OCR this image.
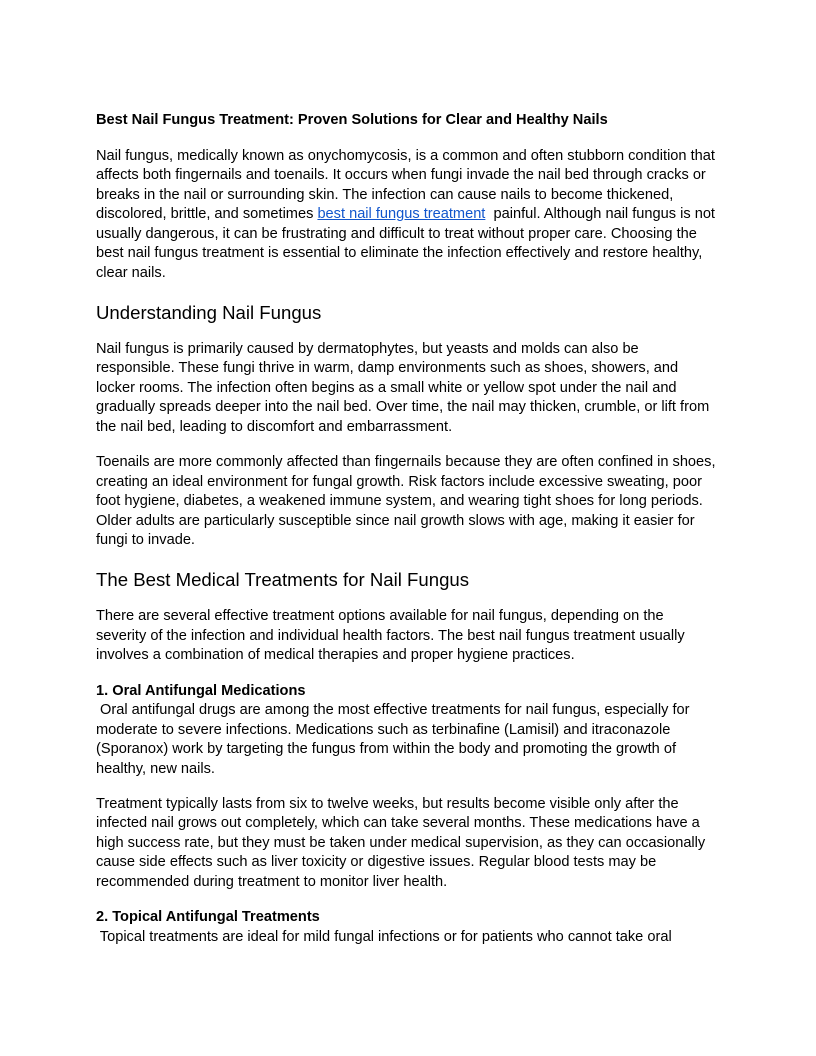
Best Nail Fungus Treatment: Proven Solutions for Clear and Healthy Nails
Nail fungus, medically known as onychomycosis, is a common and often stubborn condition that
affects both fingernails and toenails. It occurs when fungi invade the nail bed through cracks or
breaks in the nail or surrounding skin. The infection can cause nails to become thickened,
discolored, brittle, and sometimes best nail fungus treatment  painful. Although nail fungus is not
usually dangerous, it can be frustrating and difficult to treat without proper care. Choosing the
best nail fungus treatment is essential to eliminate the infection effectively and restore healthy,
clear nails.
Understanding Nail Fungus
Nail fungus is primarily caused by dermatophytes, but yeasts and molds can also be
responsible. These fungi thrive in warm, damp environments such as shoes, showers, and
locker rooms. The infection often begins as a small white or yellow spot under the nail and
gradually spreads deeper into the nail bed. Over time, the nail may thicken, crumble, or lift from
the nail bed, leading to discomfort and embarrassment.
Toenails are more commonly affected than fingernails because they are often confined in shoes,
creating an ideal environment for fungal growth. Risk factors include excessive sweating, poor
foot hygiene, diabetes, a weakened immune system, and wearing tight shoes for long periods.
Older adults are particularly susceptible since nail growth slows with age, making it easier for
fungi to invade.
The Best Medical Treatments for Nail Fungus
There are several effective treatment options available for nail fungus, depending on the
severity of the infection and individual health factors. The best nail fungus treatment usually
involves a combination of medical therapies and proper hygiene practices.
1. Oral Antifungal Medications
Oral antifungal drugs are among the most effective treatments for nail fungus, especially for
moderate to severe infections. Medications such as terbinafine (Lamisil) and itraconazole
(Sporanox) work by targeting the fungus from within the body and promoting the growth of
healthy, new nails.
Treatment typically lasts from six to twelve weeks, but results become visible only after the
infected nail grows out completely, which can take several months. These medications have a
high success rate, but they must be taken under medical supervision, as they can occasionally
cause side effects such as liver toxicity or digestive issues. Regular blood tests may be
recommended during treatment to monitor liver health.
2. Topical Antifungal Treatments
Topical treatments are ideal for mild fungal infections or for patients who cannot take oral
